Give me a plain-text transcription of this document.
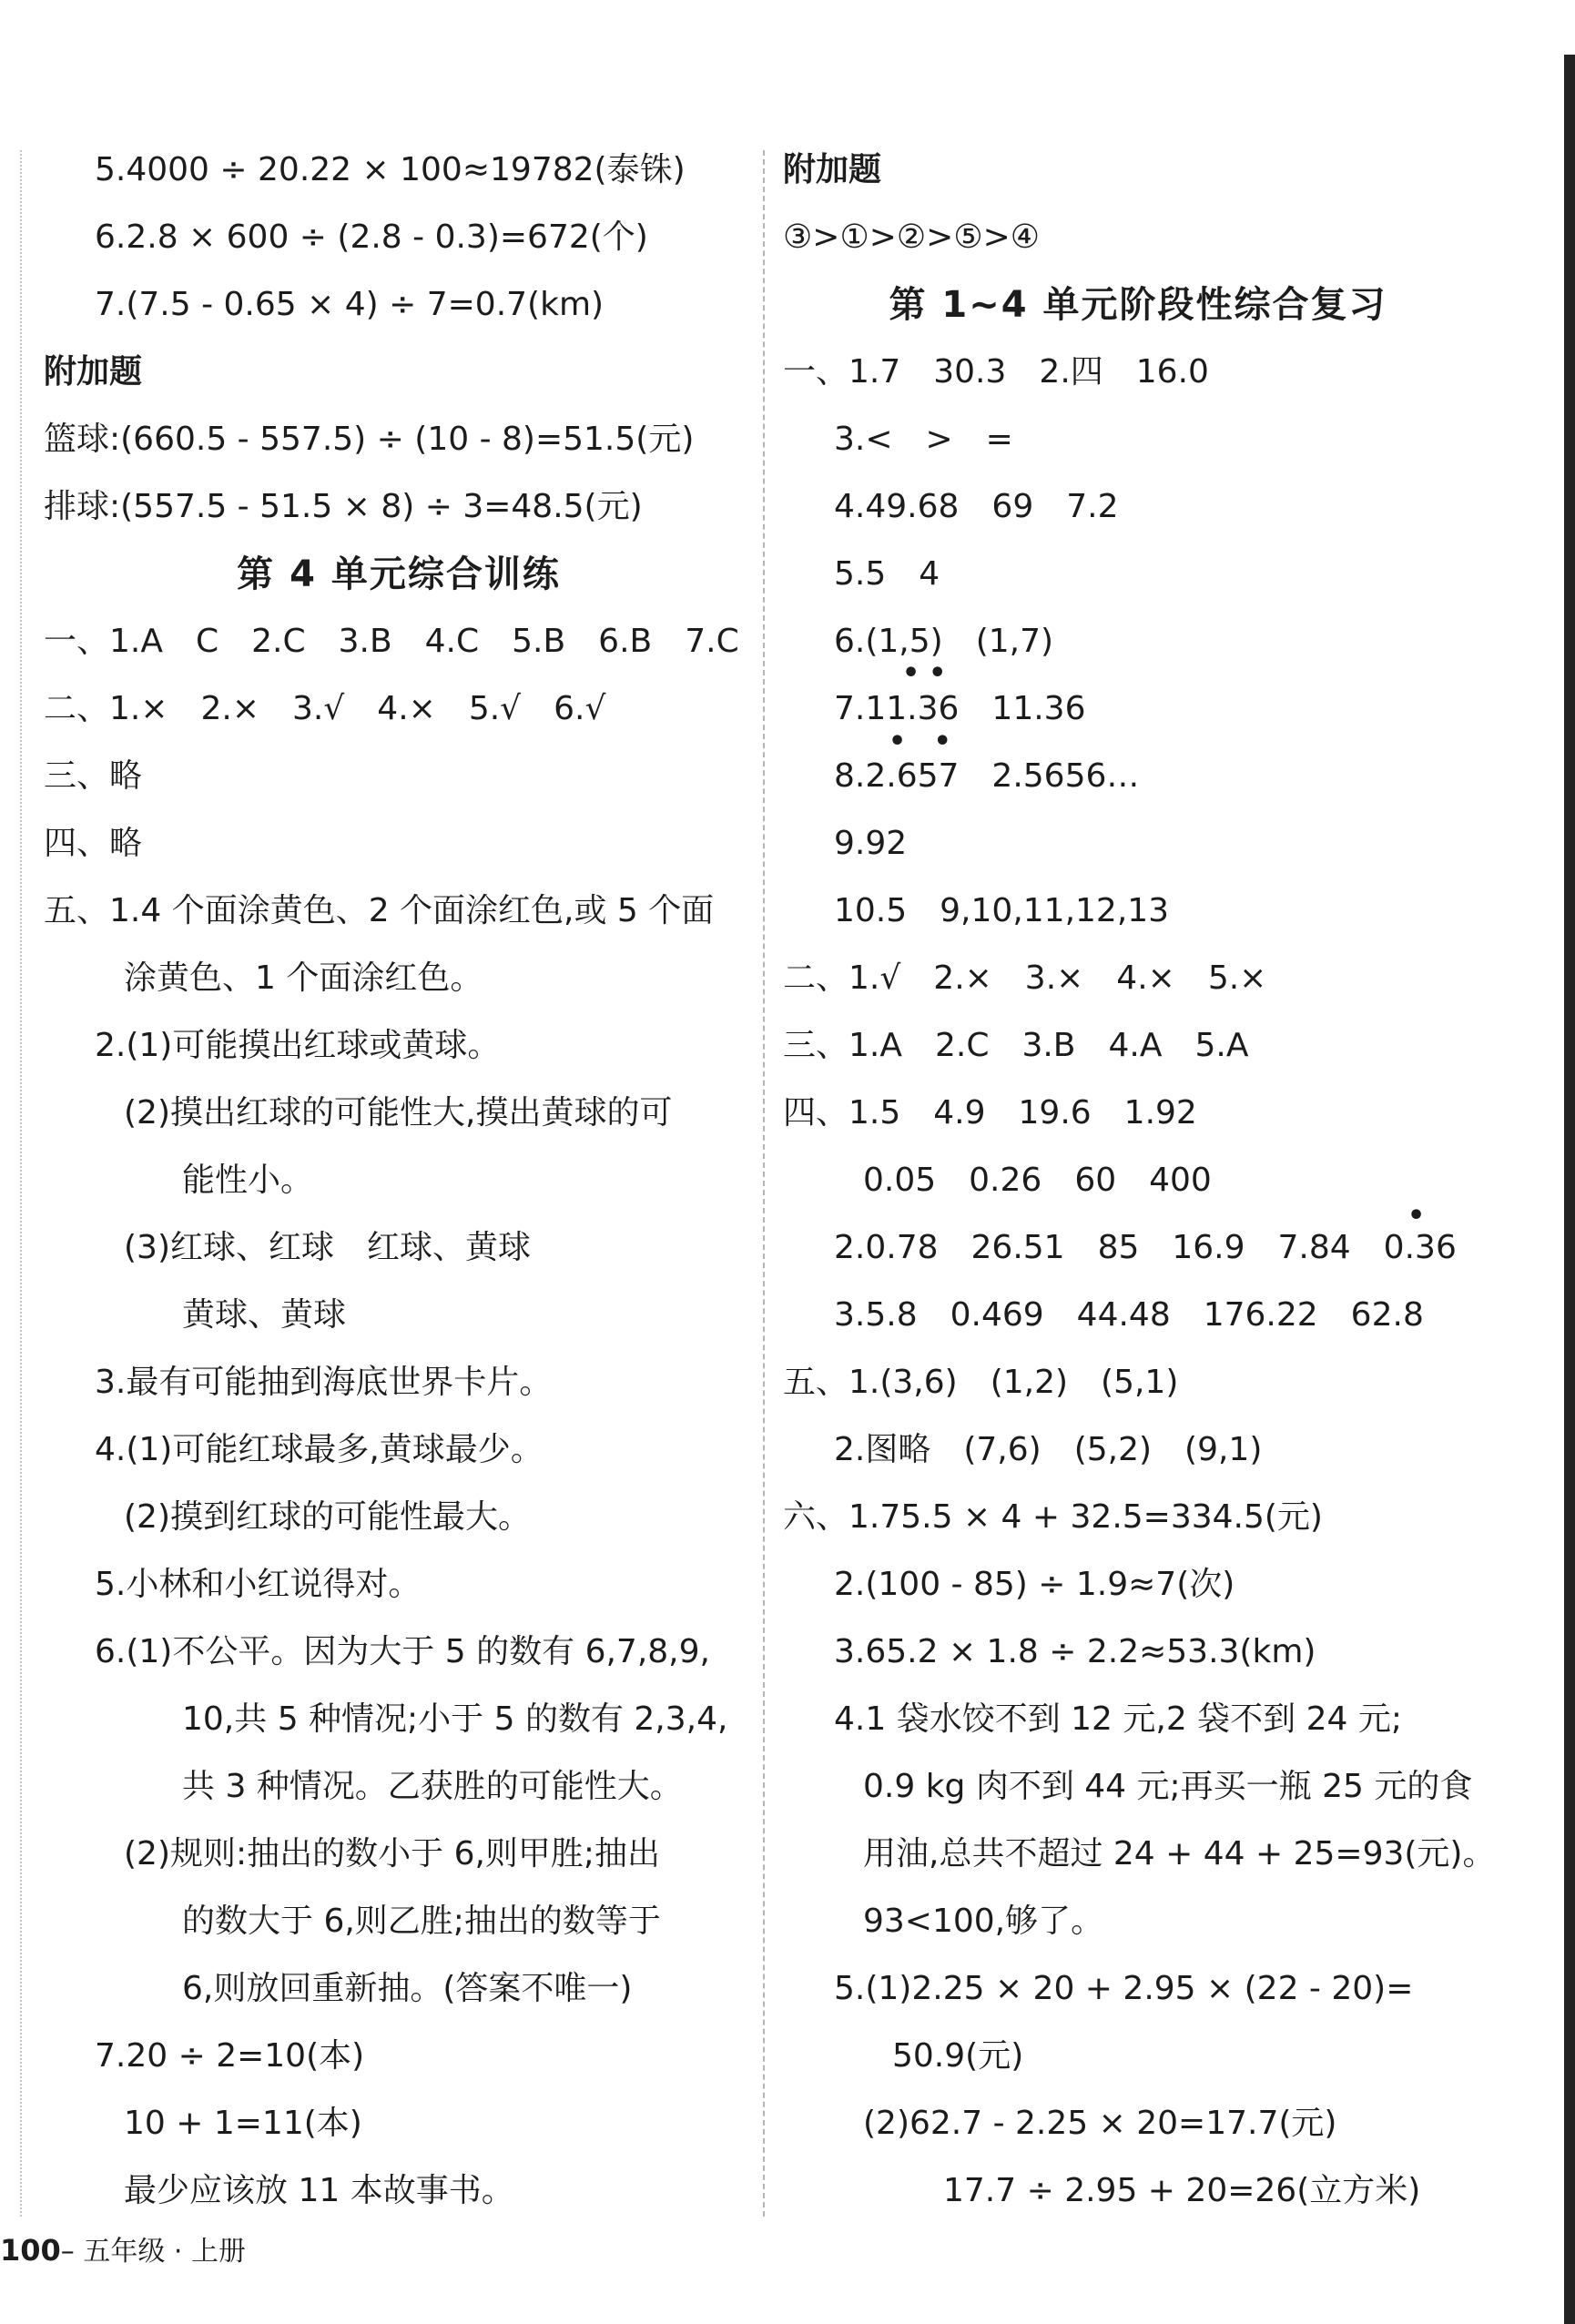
5.4000 ÷ 20.22 × 100≈19782(泰铢)
6.2.8 × 600 ÷ (2.8 - 0.3)=672(个)
7.(7.5 - 0.65 × 4) ÷ 7=0.7(km)
附加题
篮球:(660.5 - 557.5) ÷ (10 - 8)=51.5(元)
排球:(557.5 - 51.5 × 8) ÷ 3=48.5(元)
第 4 单元综合训练
一、1.A　C　2.C　3.B　4.C　5.B　6.B　7.C
二、1.×　2.×　3.√　4.×　5.√　6.√
三、略
四、略
五、1.4 个面涂黄色、2 个面涂红色,或 5 个面
涂黄色、1 个面涂红色。
2.(1)可能摸出红球或黄球。
(2)摸出红球的可能性大,摸出黄球的可
能性小。
(3)红球、红球　红球、黄球
黄球、黄球
3.最有可能抽到海底世界卡片。
4.(1)可能红球最多,黄球最少。
(2)摸到红球的可能性最大。
5.小林和小红说得对。
6.(1)不公平。因为大于 5 的数有 6,7,8,9,
10,共 5 种情况;小于 5 的数有 2,3,4,
共 3 种情况。乙获胜的可能性大。
(2)规则:抽出的数小于 6,则甲胜;抽出
的数大于 6,则乙胜;抽出的数等于
6,则放回重新抽。(答案不唯一)
7.20 ÷ 2=10(本)
10 + 1=11(本)
最少应该放 11 本故事书。
附加题
③>①>②>⑤>④
第 1~4 单元阶段性综合复习
一、1.7　30.3　2.四　16.0
3.<　>　=
4.49.68　69　7.2
5.5　4
6.(1,5)　(1,7)
7.11.36　11.36
8.2.657　2.5656…
9.92
10.5　9,10,11,12,13
二、1.√　2.×　3.×　4.×　5.×
三、1.A　2.C　3.B　4.A　5.A
四、1.5　4.9　19.6　1.92
0.05　0.26　60　400
2.0.78　26.51　85　16.9　7.84　0.36
3.5.8　0.469　44.48　176.22　62.8
五、1.(3,6)　(1,2)　(5,1)
2.图略　(7,6)　(5,2)　(9,1)
六、1.75.5 × 4 + 32.5=334.5(元)
2.(100 - 85) ÷ 1.9≈7(次)
3.65.2 × 1.8 ÷ 2.2≈53.3(km)
4.1 袋水饺不到 12 元,2 袋不到 24 元;
0.9 kg 肉不到 44 元;再买一瓶 25 元的食
用油,总共不超过 24 + 44 + 25=93(元)。
93<100,够了。
5.(1)2.25 × 20 + 2.95 × (22 - 20)=
50.9(元)
(2)62.7 - 2.25 × 20=17.7(元)
17.7 ÷ 2.95 + 20=26(立方米)
••
• •
•
100– 五年级 · 上册
